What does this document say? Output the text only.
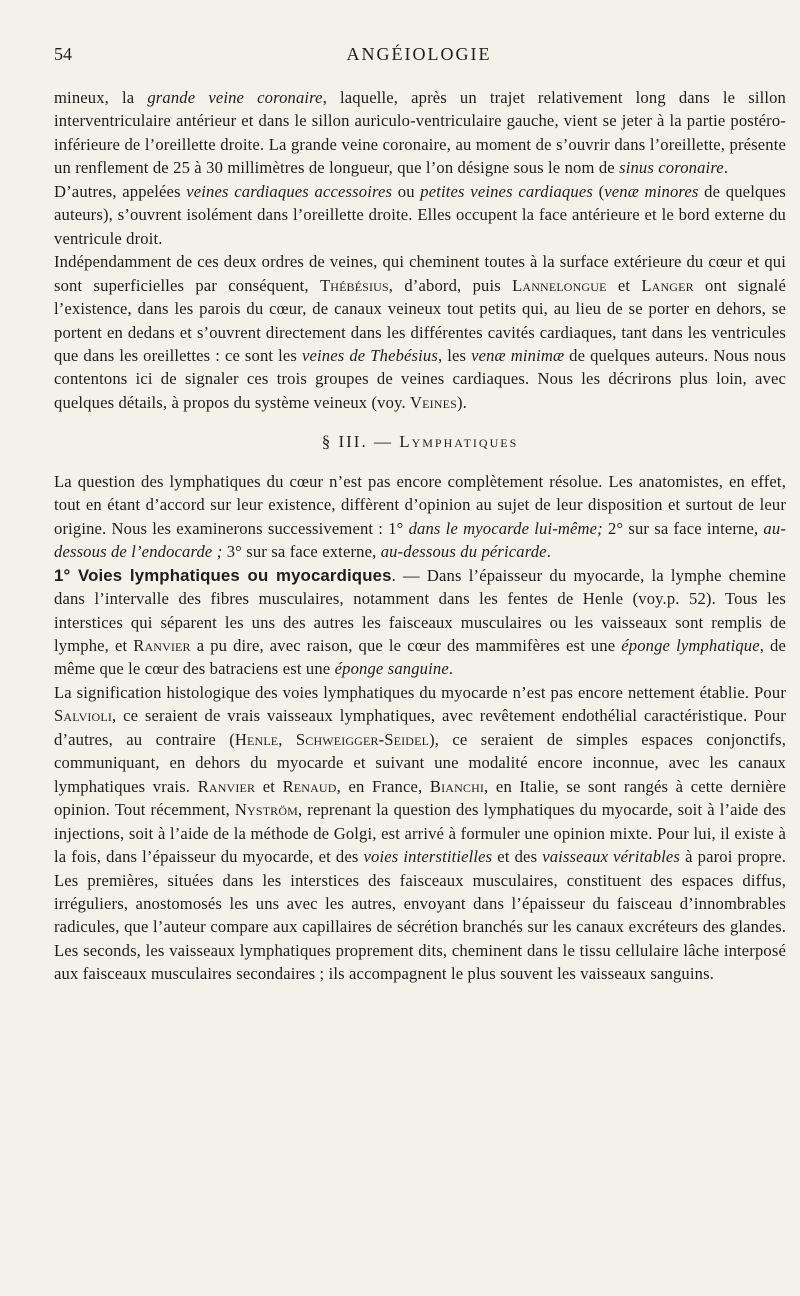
54	ANGÉIOLOGIE

mineux, la grande veine coronaire, laquelle, après un trajet relativement long dans le sillon interventriculaire antérieur et dans le sillon auriculo-ventriculaire gauche, vient se jeter à la partie postéro-inférieure de l’oreillette droite. La grande veine coronaire, au moment de s’ouvrir dans l’oreillette, présente un renflement de 25 à 30 millimètres de longueur, que l’on désigne sous le nom de sinus coronaire.

D’autres, appelées veines cardiaques accessoires ou petites veines cardiaques (venæ minores de quelques auteurs), s’ouvrent isolément dans l’oreillette droite. Elles occupent la face antérieure et le bord externe du ventricule droit.

Indépendamment de ces deux ordres de veines, qui cheminent toutes à la surface extérieure du cœur et qui sont superficielles par conséquent, Thébésius, d’abord, puis Lannelongue et Langer ont signalé l’existence, dans les parois du cœur, de canaux veineux tout petits qui, au lieu de se porter en dehors, se portent en dedans et s’ouvrent directement dans les différentes cavités cardiaques, tant dans les ventricules que dans les oreillettes : ce sont les veines de Thebésius, les venæ minimæ de quelques auteurs. Nous nous contentons ici de signaler ces trois groupes de veines cardiaques. Nous les décrirons plus loin, avec quelques détails, à propos du système veineux (voy. Veines).

§ III. — Lymphatiques

La question des lymphatiques du cœur n’est pas encore complètement résolue. Les anatomistes, en effet, tout en étant d’accord sur leur existence, diffèrent d’opinion au sujet de leur disposition et surtout de leur origine. Nous les examinerons successivement : 1° dans le myocarde lui-même; 2° sur sa face interne, au-dessous de l’endocarde ; 3° sur sa face externe, au-dessous du péricarde.

1° Voies lymphatiques ou myocardiques. — Dans l’épaisseur du myocarde, la lymphe chemine dans l’intervalle des fibres musculaires, notamment dans les fentes de Henle (voy.p. 52). Tous les interstices qui séparent les uns des autres les faisceaux musculaires ou les vaisseaux sont remplis de lymphe, et Ranvier a pu dire, avec raison, que le cœur des mammifères est une éponge lymphatique, de même que le cœur des batraciens est une éponge sanguine.

La signification histologique des voies lymphatiques du myocarde n’est pas encore nettement établie. Pour Salvioli, ce seraient de vrais vaisseaux lymphatiques, avec revêtement endothélial caractéristique. Pour d’autres, au contraire (Henle, Schweigger-Seidel), ce seraient de simples espaces conjonctifs, communiquant, en dehors du myocarde et suivant une modalité encore inconnue, avec les canaux lymphatiques vrais. Ranvier et Renaud, en France, Bianchi, en Italie, se sont rangés à cette dernière opinion. Tout récemment, Nyström, reprenant la question des lymphatiques du myocarde, soit à l’aide des injections, soit à l’aide de la méthode de Golgi, est arrivé à formuler une opinion mixte. Pour lui, il existe à la fois, dans l’épaisseur du myocarde, et des voies interstitielles et des vaisseaux véritables à paroi propre. Les premières, situées dans les interstices des faisceaux musculaires, constituent des espaces diffus, irréguliers, anostomosés les uns avec les autres, envoyant dans l’épaisseur du faisceau d’innombrables radicules, que l’auteur compare aux capillaires de sécrétion branchés sur les canaux excréteurs des glandes. Les seconds, les vaisseaux lymphatiques proprement dits, cheminent dans le tissu cellulaire lâche interposé aux faisceaux musculaires secondaires ; ils accompagnent le plus souvent les vaisseaux sanguins.
